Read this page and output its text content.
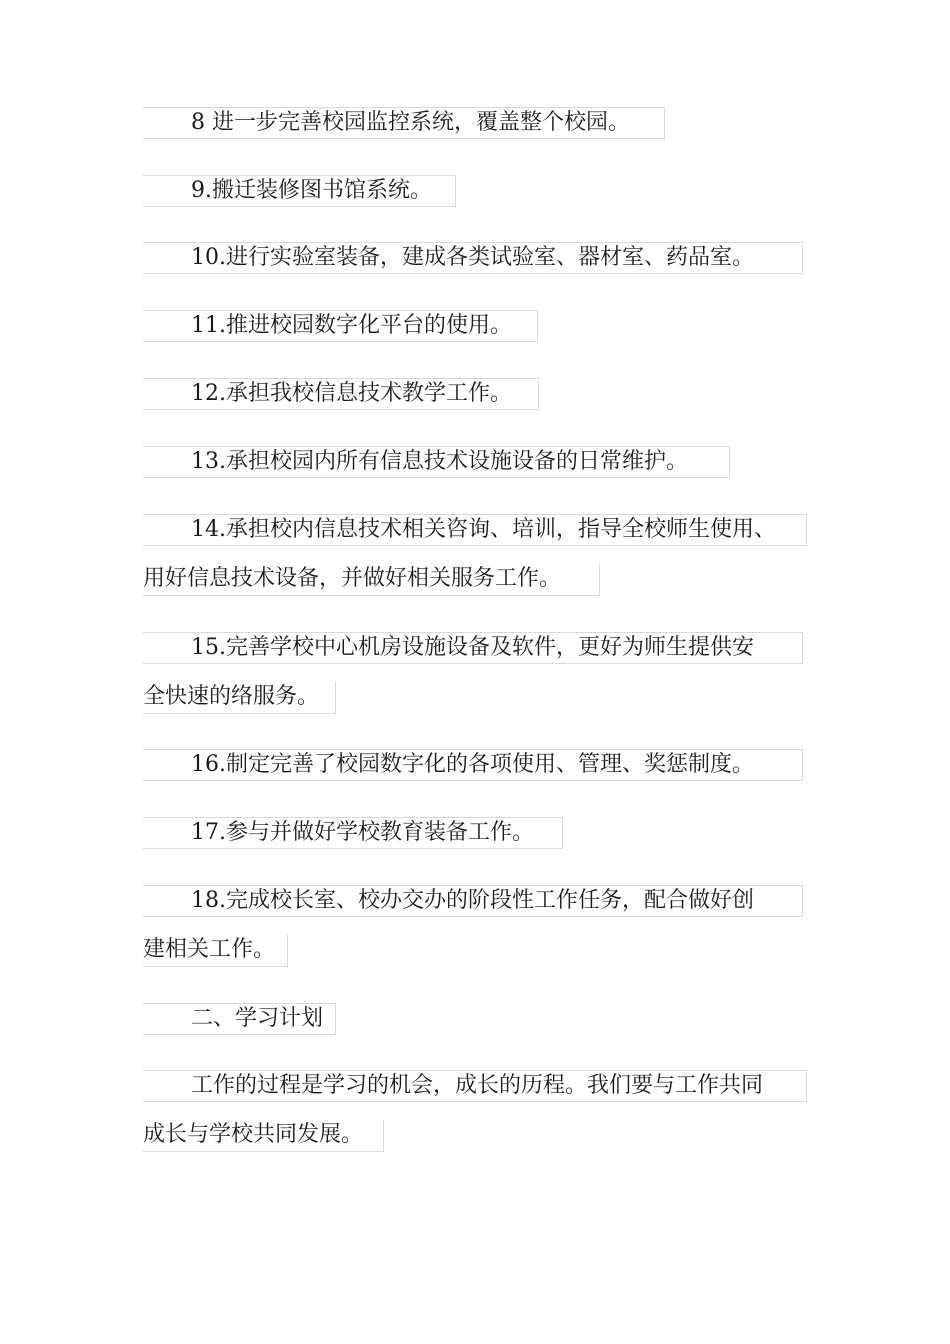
8 进一步完善校园监控系统，覆盖整个校园。
9.搬迁装修图书馆系统。
10.进行实验室装备，建成各类试验室、器材室、药品室。
11.推进校园数字化平台的使用。
12.承担我校信息技术教学工作。
13.承担校园内所有信息技术设施设备的日常维护。
14.承担校内信息技术相关咨询、培训，指导全校师生使用、
用好信息技术设备，并做好相关服务工作。
15.完善学校中心机房设施设备及软件，更好为师生提供安
全快速的络服务。
16.制定完善了校园数字化的各项使用、管理、奖惩制度。
17.参与并做好学校教育装备工作。
18.完成校长室、校办交办的阶段性工作任务，配合做好创
建相关工作。
二、学习计划
工作的过程是学习的机会，成长的历程。我们要与工作共同
成长与学校共同发展。
